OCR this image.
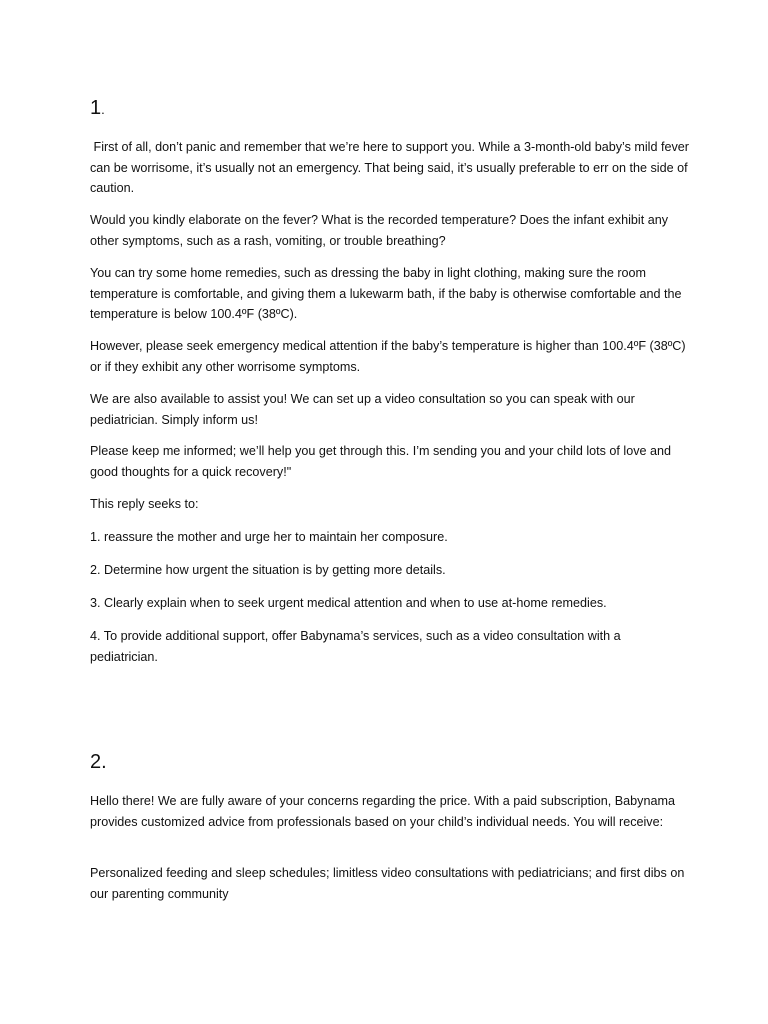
1.

First of all, don’t panic and remember that we’re here to support you. While a 3-month-old baby’s mild fever can be worrisome, it’s usually not an emergency. That being said, it’s usually preferable to err on the side of caution.

Would you kindly elaborate on the fever? What is the recorded temperature? Does the infant exhibit any other symptoms, such as a rash, vomiting, or trouble breathing?

You can try some home remedies, such as dressing the baby in light clothing, making sure the room temperature is comfortable, and giving them a lukewarm bath, if the baby is otherwise comfortable and the temperature is below 100.4ºF (38ºC).

However, please seek emergency medical attention if the baby’s temperature is higher than 100.4ºF (38ºC) or if they exhibit any other worrisome symptoms.

We are also available to assist you! We can set up a video consultation so you can speak with our pediatrician. Simply inform us!

Please keep me informed; we’ll help you get through this. I’m sending you and your child lots of love and good thoughts for a quick recovery!"

This reply seeks to:

1. reassure the mother and urge her to maintain her composure.

2. Determine how urgent the situation is by getting more details.

3. Clearly explain when to seek urgent medical attention and when to use at-home remedies.

4. To provide additional support, offer Babynama’s services, such as a video consultation with a pediatrician.

2.

Hello there! We are fully aware of your concerns regarding the price. With a paid subscription, Babynama provides customized advice from professionals based on your child’s individual needs. You will receive:

Personalized feeding and sleep schedules; limitless video consultations with pediatricians; and first dibs on our parenting community
